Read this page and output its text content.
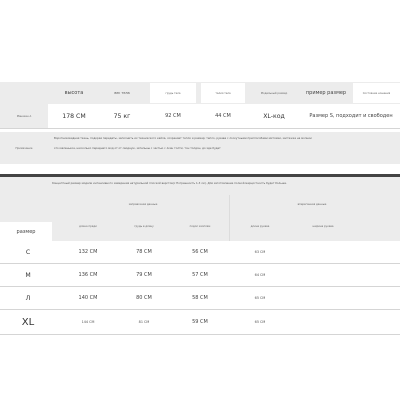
высота	вес тела	грудь тела	талия тела	Модельный размер	пример размер	Состояние ношения
Манекен А	178 СМ	75 кг	92 СМ	44 СМ	XL-код	Размер S, подходит и свободен
Примечание
Воротниковидная ткань, подкрая передаты, заполнить их техникского кайла, сохраняет тепло и размер; тепло, рукава с лоскутными приспособами митсами, застежка на молнии
это маленькое, несколько переднего мод от от сводную, зательны с частью с лкин толтм, тон толдон, до хде будет
Концептный размер модели интенсивного измерения натуральной плоской верстов(с Погрешность 1-3 см). Для изготовление полной мерцостность будет больше.
размер
заправочная данные	впереганная данные
длина пряди	грудь в длину	подол изоплам	длина рукава	ширина рукава
С	132 СМ	78 СМ	56 СМ	63 СМ
М	136 СМ	79 СМ	57 СМ	64 СМ
Л	140 СМ	80 СМ	58 СМ	65 СМ
XL	144 СМ	81 СМ	59 СМ	65 СМ
